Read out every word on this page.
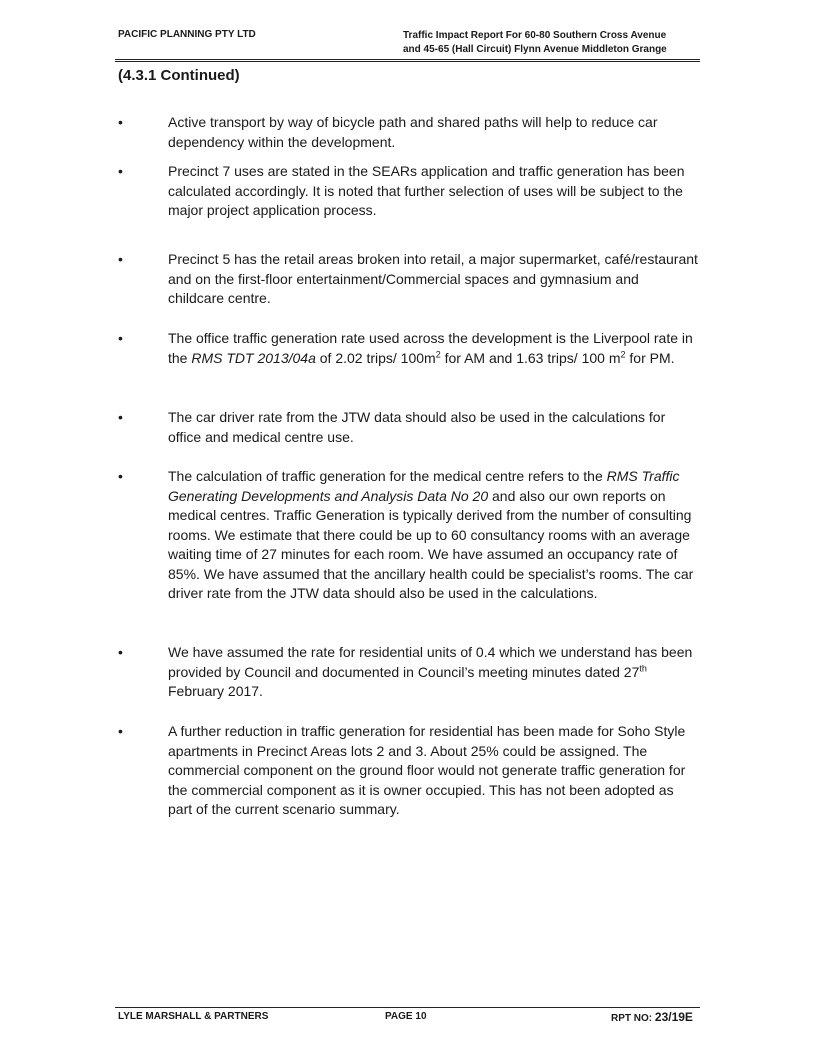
PACIFIC PLANNING PTY LTD	Traffic Impact Report For 60-80 Southern Cross Avenue
and 45-65 (Hall Circuit) Flynn Avenue Middleton Grange
(4.3.1 Continued)
•	Active transport by way of bicycle path and shared paths will help to reduce car dependency within the development.
•	Precinct 7 uses are stated in the SEARs application and traffic generation has been calculated accordingly. It is noted that further selection of uses will be subject to the major project application process.
•	Precinct 5 has the retail areas broken into retail, a major supermarket, café/restaurant and on the first-floor entertainment/Commercial spaces and gymnasium and childcare centre.
•	The office traffic generation rate used across the development is the Liverpool rate in the RMS TDT 2013/04a of 2.02 trips/ $100m^2$ for AM and 1.63 trips/ 100 $m^2$ for PM.
•	The car driver rate from the JTW data should also be used in the calculations for office and medical centre use.
•	The calculation of traffic generation for the medical centre refers to the RMS Traffic Generating Developments and Analysis Data No 20 and also our own reports on medical centres. Traffic Generation is typically derived from the number of consulting rooms. We estimate that there could be up to 60 consultancy rooms with an average waiting time of 27 minutes for each room. We have assumed an occupancy rate of 85%. We have assumed that the ancillary health could be specialist’s rooms. The car driver rate from the JTW data should also be used in the calculations.
•	We have assumed the rate for residential units of 0.4 which we understand has been provided by Council and documented in Council’s meeting minutes dated 27th February 2017.
•	A further reduction in traffic generation for residential has been made for Soho Style apartments in Precinct Areas lots 2 and 3. About 25% could be assigned. The commercial component on the ground floor would not generate traffic generation for the commercial component as it is owner occupied. This has not been adopted as part of the current scenario summary.
LYLE MARSHALL & PARTNERS	PAGE 10	RPT NO: 23/19E
